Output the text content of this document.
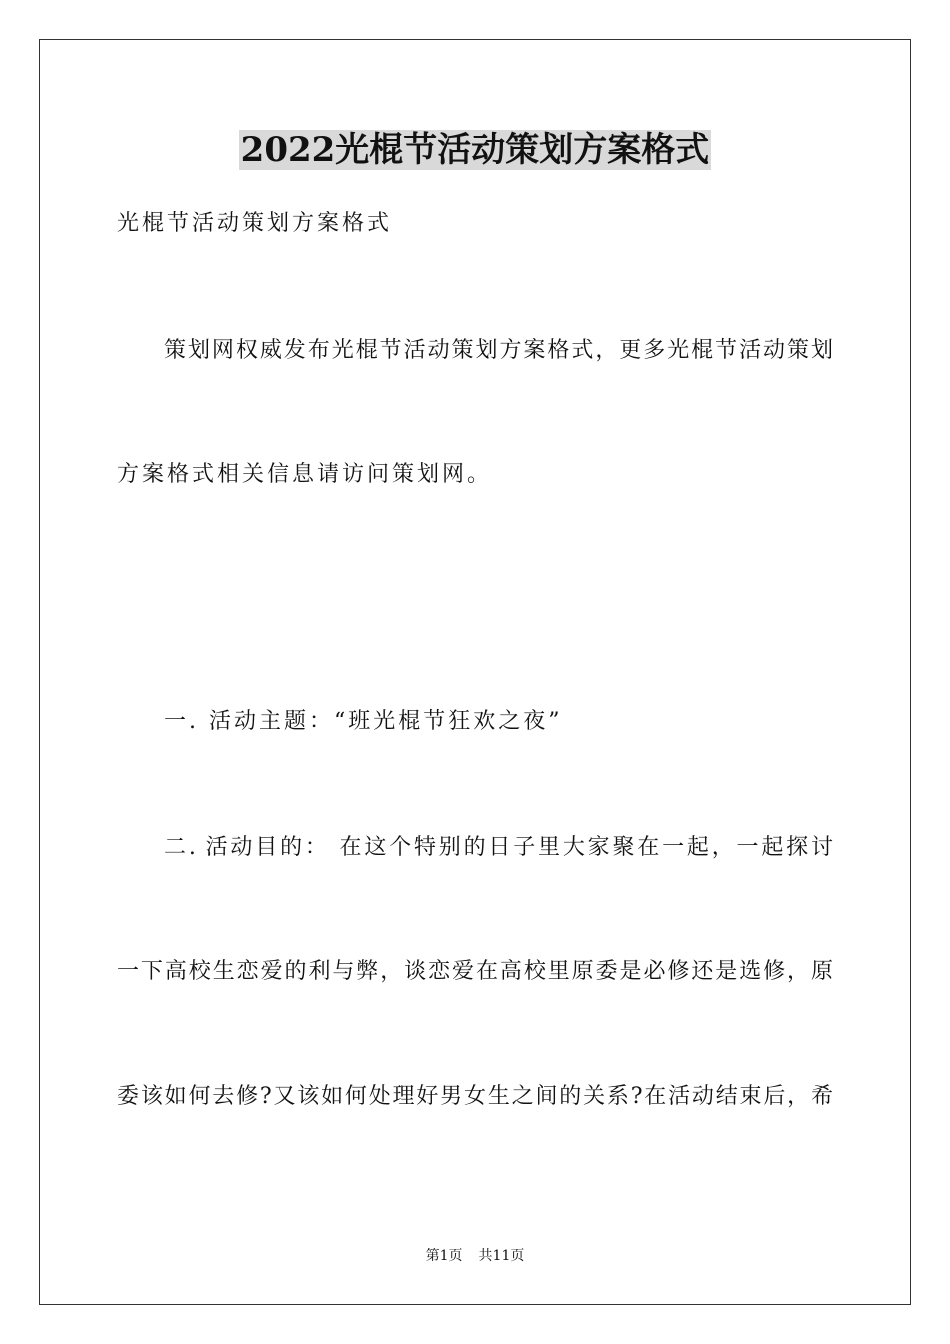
2022光棍节活动策划方案格式
光棍节活动策划方案格式
策划网权威发布光棍节活动策划方案格式，更多光棍节活动策划
方案格式相关信息请访问策划网。
一. 活动主题：“班光棍节狂欢之夜”
二. 活动目的： 在这个特别的日子里大家聚在一起，一起探讨
一下高校生恋爱的利与弊，谈恋爱在高校里原委是必修还是选修，原
委该如何去修?又该如何处理好男女生之间的关系?在活动结束后，希
第1页 共11页
